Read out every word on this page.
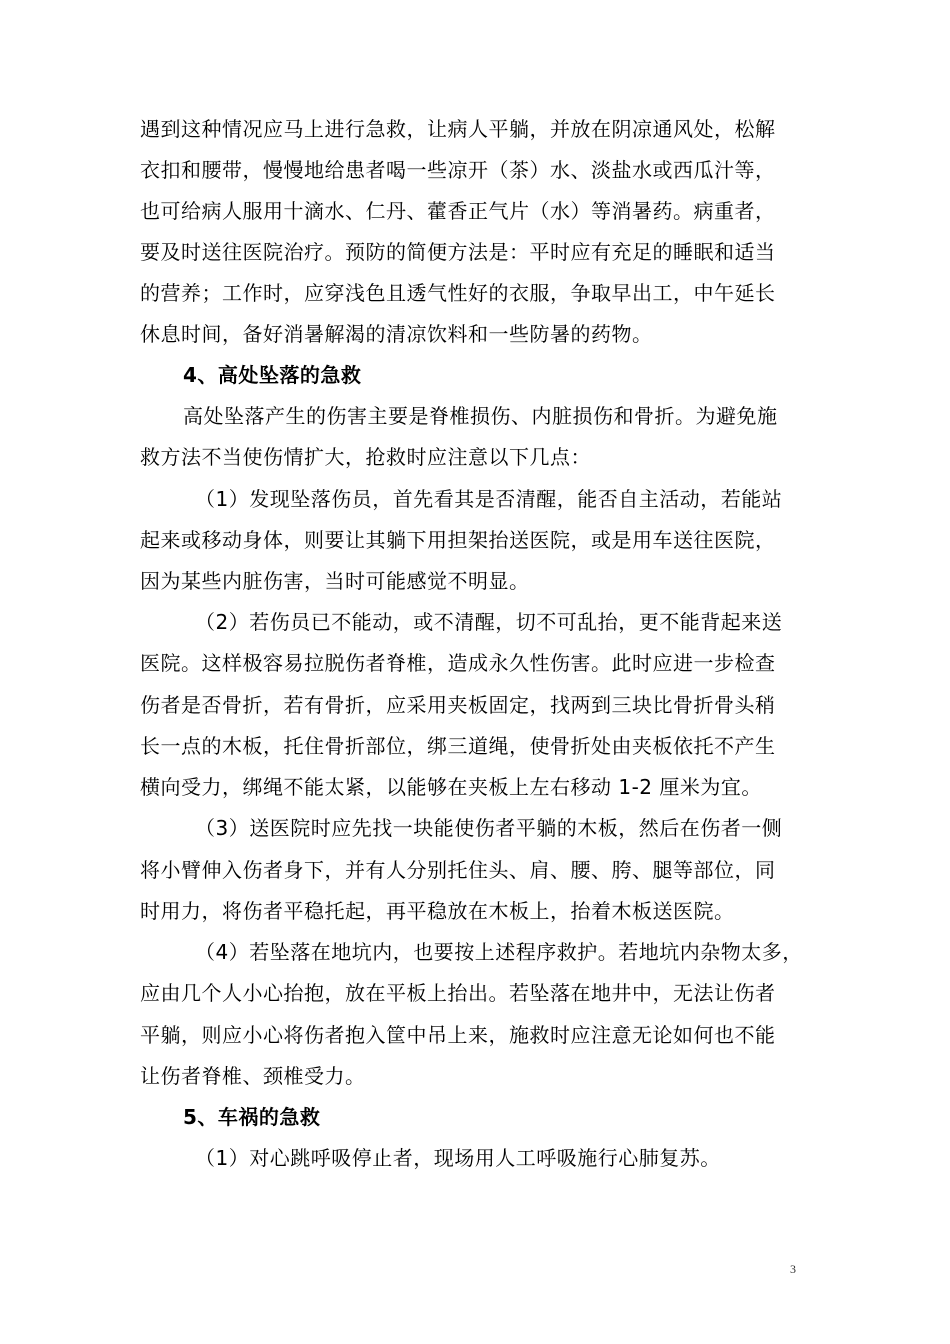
遇到这种情况应马上进行急救，让病人平躺，并放在阴凉通风处，松解
衣扣和腰带，慢慢地给患者喝一些凉开（茶）水、淡盐水或西瓜汁等，
也可给病人服用十滴水、仁丹、藿香正气片（水）等消暑药。病重者，
要及时送往医院治疗。预防的简便方法是：平时应有充足的睡眠和适当
的营养；工作时，应穿浅色且透气性好的衣服，争取早出工，中午延长
休息时间，备好消暑解渴的清凉饮料和一些防暑的药物。
4、高处坠落的急救
高处坠落产生的伤害主要是脊椎损伤、内脏损伤和骨折。为避免施
救方法不当使伤情扩大，抢救时应注意以下几点：
（1）发现坠落伤员，首先看其是否清醒，能否自主活动，若能站
起来或移动身体，则要让其躺下用担架抬送医院，或是用车送往医院，
因为某些内脏伤害，当时可能感觉不明显。
（2）若伤员已不能动，或不清醒，切不可乱抬，更不能背起来送
医院。这样极容易拉脱伤者脊椎，造成永久性伤害。此时应进一步检查
伤者是否骨折，若有骨折，应采用夹板固定，找两到三块比骨折骨头稍
长一点的木板，托住骨折部位，绑三道绳，使骨折处由夹板依托不产生
横向受力，绑绳不能太紧，以能够在夹板上左右移动 1-2 厘米为宜。
（3）送医院时应先找一块能使伤者平躺的木板，然后在伤者一侧
将小臂伸入伤者身下，并有人分别托住头、肩、腰、胯、腿等部位，同
时用力，将伤者平稳托起，再平稳放在木板上，抬着木板送医院。
（4）若坠落在地坑内，也要按上述程序救护。若地坑内杂物太多，
应由几个人小心抬抱，放在平板上抬出。若坠落在地井中，无法让伤者
平躺，则应小心将伤者抱入筐中吊上来，施救时应注意无论如何也不能
让伤者脊椎、颈椎受力。
5、车祸的急救
（1）对心跳呼吸停止者，现场用人工呼吸施行心肺复苏。
3
